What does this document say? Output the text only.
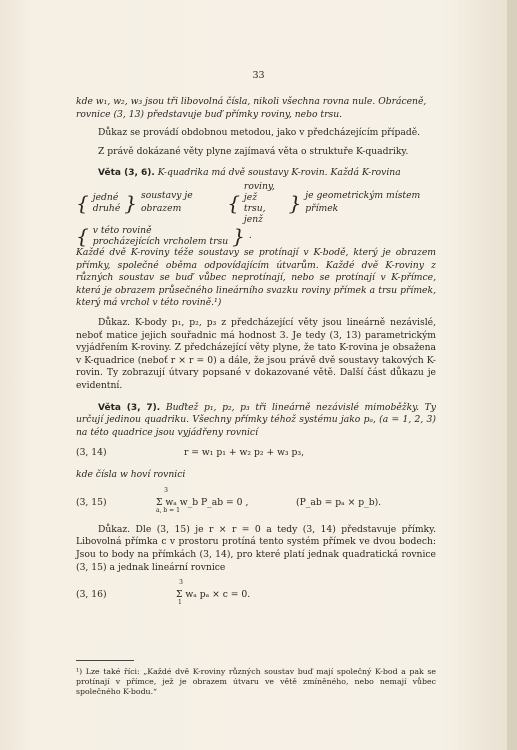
33

kde w₁, w₂, w₃ jsou tři libovolná čísla, nikoli všechna rovna nule. Obráceně,

rovnice (3, 13) představuje buď přímky roviny, nebo trsu.

Důkaz se provádí obdobnou metodou, jako v předcházejícím případě.

Z právě dokázané věty plyne zajímavá věta o struktuře K-quadriky.

Věta (3, 6). K-quadrika má dvě soustavy K-rovin. Každá K-rovina

{ jedné
druhé } soustavy je obrazem	{
roviny, jež
trsu, jenž
} je geometrickým místem přímek
{ v této rovině
procházejících vrcholem trsu } .

Každé dvě K-roviny téže soustavy se protínají v K-bodě, který je obrazem přímky, společné oběma odpovídajícím útvarům. Každé dvě K-roviny z různých soustav se buď vůbec neprotínají, nebo se protínají v K-přímce, která je obrazem průsečného lineárního svazku roviny přímek a trsu přímek, který má vrchol v této rovině.¹)

Důkaz. K-body p₁, p₂, p₃ z předcházející věty jsou lineárně nezávislé, neboť matice jejich souřadnic má hodnost 3. Je tedy (3, 13) parametrickým vyjádřením K-roviny. Z předcházející věty plyne, že tato K-rovina je obsažena v K-quadrice (neboť r × r = 0) a dále, že jsou právě dvě soustavy takových K-rovin. Ty zobrazují útvary popsané v dokazované větě. Další část důkazu je evidentní.

Věta (3, 7). Buďtež p₁, p₂, p₃ tři lineárně nezávislé mimoběžky. Ty určují jedinou quadriku. Všechny přímky téhož systému jako pₐ, (a = 1, 2, 3) na této quadrice jsou vyjádřeny rovnicí

(3, 14)	r = w₁ p₁ + w₂ p₂ + w₃ p₃,

kde čísla w hoví rovnici

(3, 15)
3
Σ wₐ w_b P_ab = 0 ,
a, b = 1
(P_ab = pₐ × p_b).

Důkaz. Dle (3, 15) je r × r = 0 a tedy (3, 14) představuje přímky. Libovolná přímka c v prostoru protíná tento systém přímek ve dvou bodech: Jsou to body na přímkách (3, 14), pro které platí jednak quadratická rovnice (3, 15) a jednak lineární rovnice

(3, 16)
3
Σ wₐ pₐ × c = 0.
1

¹) Lze také říci: „Každé dvě K-roviny různých soustav buď mají společný K-bod a pak se protínají v přímce, jež je obrazem útvaru ve větě zmíněného, nebo nemají vůbec společného K-bodu.“
